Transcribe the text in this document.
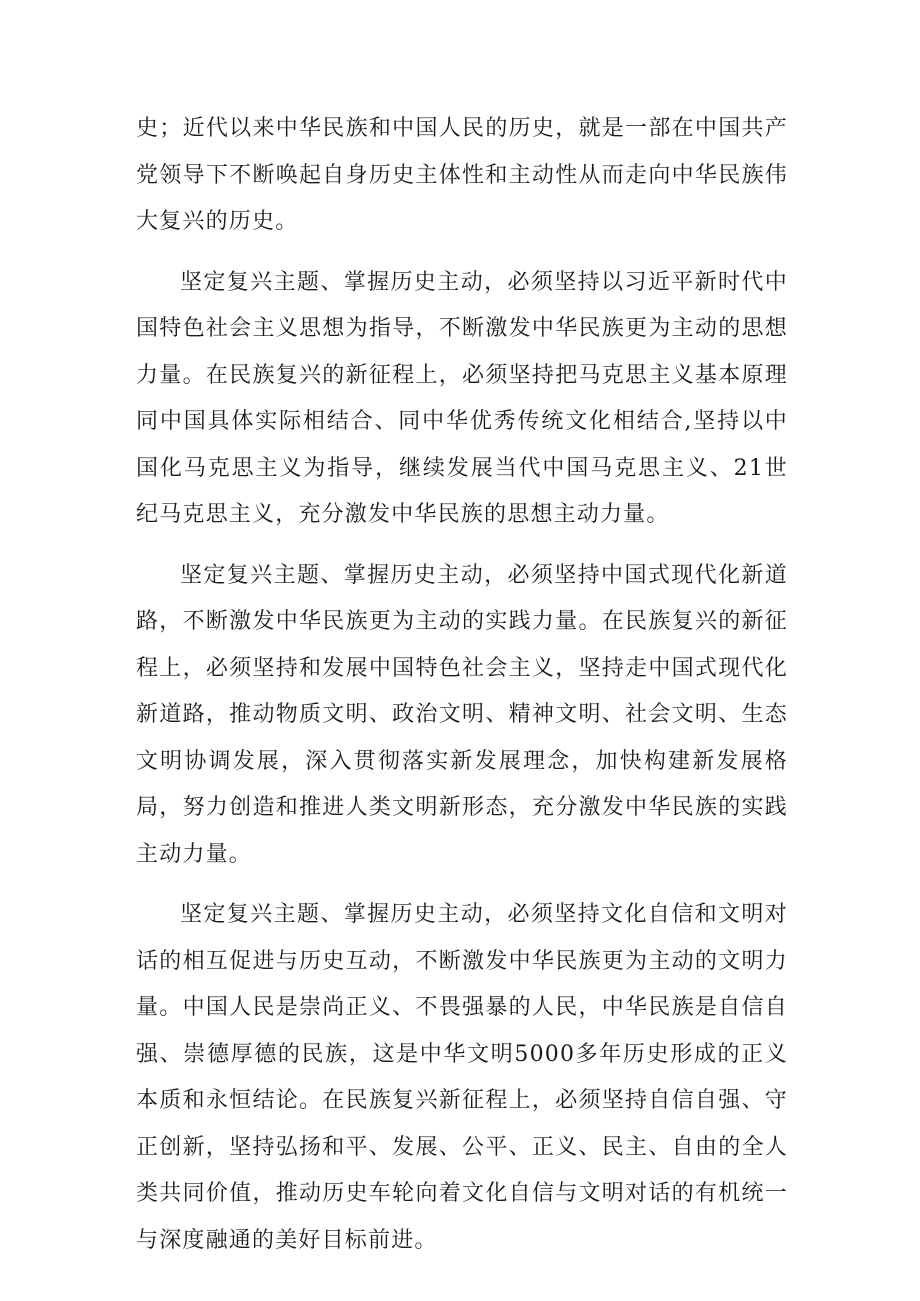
史；近代以来中华民族和中国人民的历史，就是一部在中国共产党领导下不断唤起自身历史主体性和主动性从而走向中华民族伟大复兴的历史。

坚定复兴主题、掌握历史主动，必须坚持以习近平新时代中国特色社会主义思想为指导，不断激发中华民族更为主动的思想力量。在民族复兴的新征程上，必须坚持把马克思主义基本原理同中国具体实际相结合、同中华优秀传统文化相结合,坚持以中国化马克思主义为指导，继续发展当代中国马克思主义、21世纪马克思主义，充分激发中华民族的思想主动力量。

坚定复兴主题、掌握历史主动，必须坚持中国式现代化新道路，不断激发中华民族更为主动的实践力量。在民族复兴的新征程上，必须坚持和发展中国特色社会主义，坚持走中国式现代化新道路，推动物质文明、政治文明、精神文明、社会文明、生态文明协调发展，深入贯彻落实新发展理念，加快构建新发展格局，努力创造和推进人类文明新形态，充分激发中华民族的实践主动力量。

坚定复兴主题、掌握历史主动，必须坚持文化自信和文明对话的相互促进与历史互动，不断激发中华民族更为主动的文明力量。中国人民是崇尚正义、不畏强暴的人民，中华民族是自信自强、崇德厚德的民族，这是中华文明5000多年历史形成的正义本质和永恒结论。在民族复兴新征程上，必须坚持自信自强、守正创新，坚持弘扬和平、发展、公平、正义、民主、自由的全人类共同价值，推动历史车轮向着文化自信与文明对话的有机统一与深度融通的美好目标前进。
